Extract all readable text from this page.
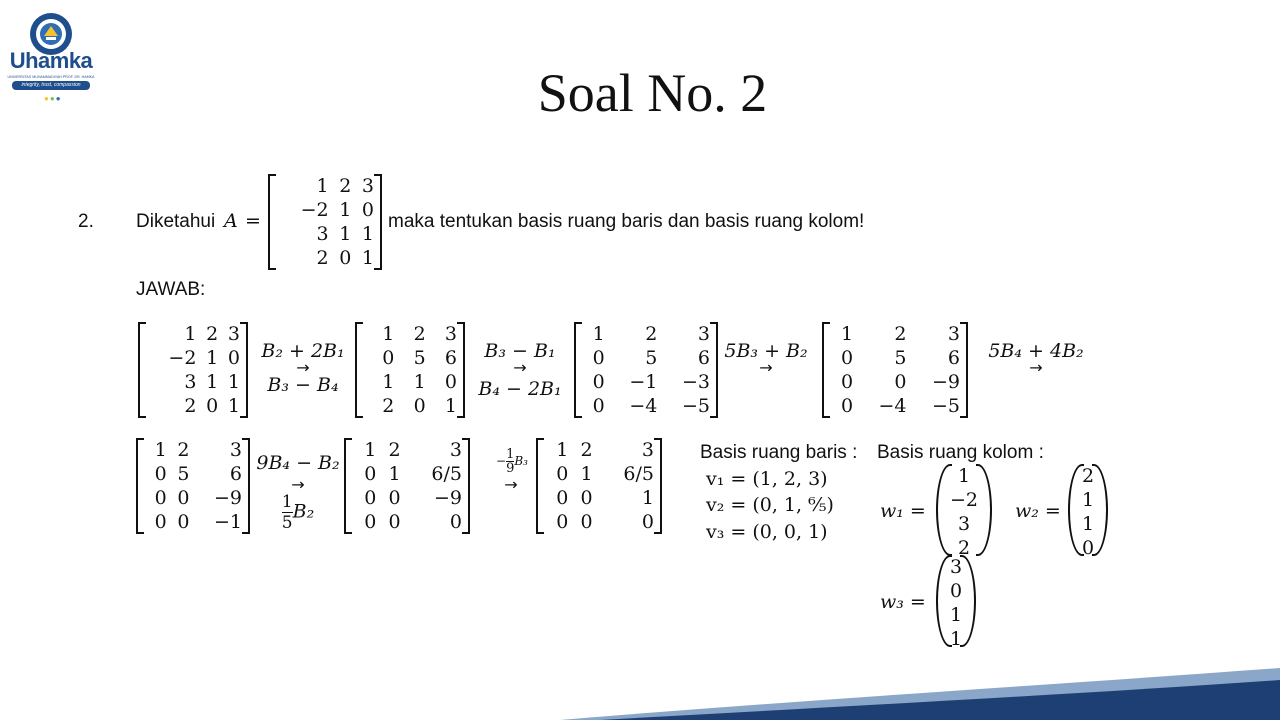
Uhamka
UNIVERSITAS MUHAMMADIYAH PROF. DR. HAMKA
integrity, trust, compassion
●●●	Soal No. 2
2. Diketahui A =
1	2	3
−2	1	0
3	1	1
2	0	1
maka tentukan basis ruang baris dan basis ruang kolom!
JAWAB:
1	2	3
−2	1	0
3	1	1
2	0	1
B₂ + 2B₁
→
B₃ − B₄
1	2	3
0	5	6
1	1	0
2	0	1
B₃ − B₁
→
B₄ − 2B₁
1	2	3
0	5	6
0	−1	−3
0	−4	−5
5B₃ + B₂
→
1	2	3
0	5	6
0	0	−9
0	−4	−5
5B₄ + 4B₂
→
1	2	3
0	5	6
0	0	−9
0	0	−1
9B₄ − B₂
→
$\frac{1}{5} B_2$
1	2	3
0	1	6/5
0	0	−9
0	0	0
− $\frac{1}{9} B_3$
→
1	2	3
0	1	6/5
0	0	1
0	0	0
Basis ruang baris :
v₁ = (1, 2, 3)
v₂ = (0, 1, ⁶⁄₅)
v₃ = (0, 0, 1)
Basis ruang kolom :
w₁ =
1
−2
3
2
w₂ =
2
1
1
0
w₃ =
3
0
1
1
